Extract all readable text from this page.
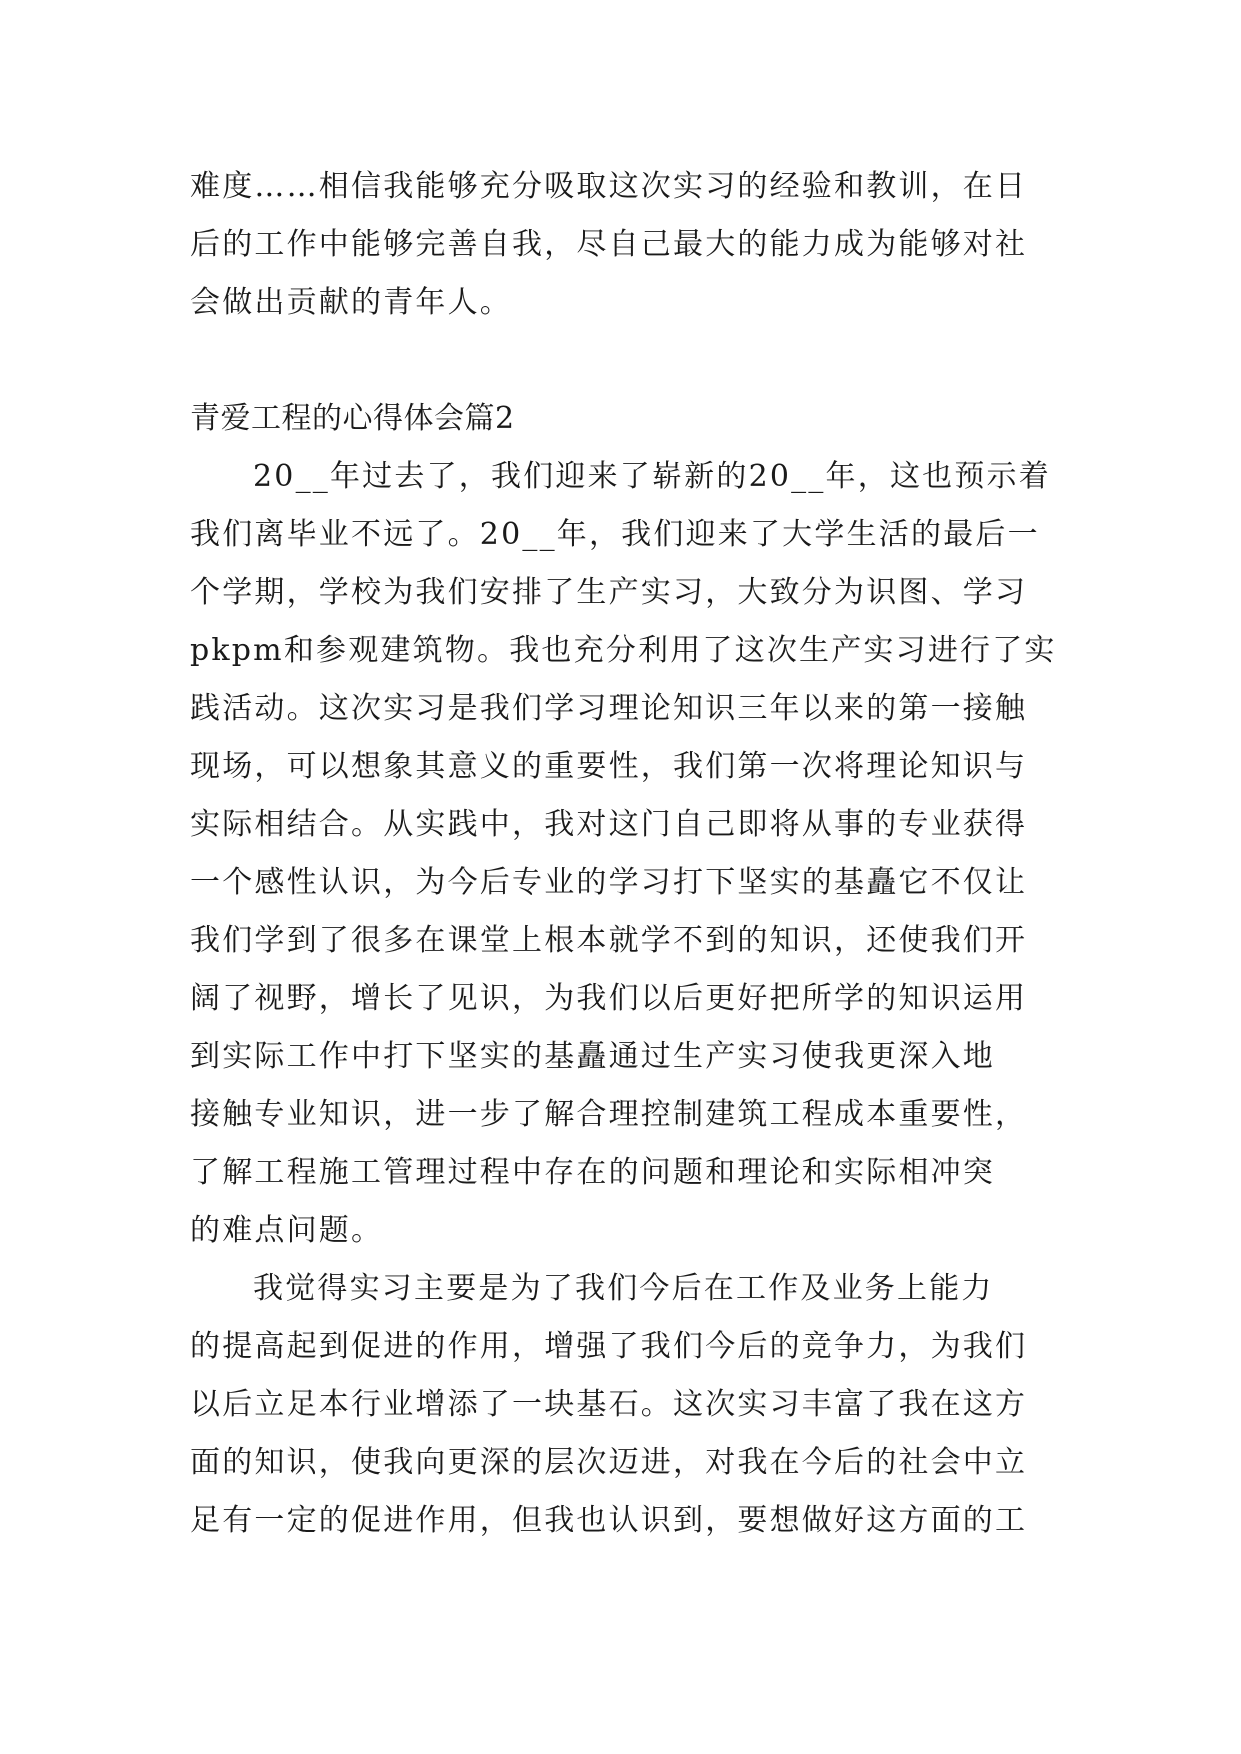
难度……相信我能够充分吸取这次实习的经验和教训，在日
后的工作中能够完善自我，尽自己最大的能力成为能够对社
会做出贡献的青年人。
青爱工程的心得体会篇2
20__年过去了，我们迎来了崭新的20__年，这也预示着
我们离毕业不远了。20__年，我们迎来了大学生活的最后一
个学期，学校为我们安排了生产实习，大致分为识图、学习
pkpm和参观建筑物。我也充分利用了这次生产实习进行了实
践活动。这次实习是我们学习理论知识三年以来的第一接触
现场，可以想象其意义的重要性，我们第一次将理论知识与
实际相结合。从实践中，我对这门自己即将从事的专业获得
一个感性认识，为今后专业的学习打下坚实的基矗它不仅让
我们学到了很多在课堂上根本就学不到的知识，还使我们开
阔了视野，增长了见识，为我们以后更好把所学的知识运用
到实际工作中打下坚实的基矗通过生产实习使我更深入地
接触专业知识，进一步了解合理控制建筑工程成本重要性，
了解工程施工管理过程中存在的问题和理论和实际相冲突
的难点问题。
我觉得实习主要是为了我们今后在工作及业务上能力
的提高起到促进的作用，增强了我们今后的竞争力，为我们
以后立足本行业增添了一块基石。这次实习丰富了我在这方
面的知识，使我向更深的层次迈进，对我在今后的社会中立
足有一定的促进作用，但我也认识到，要想做好这方面的工
